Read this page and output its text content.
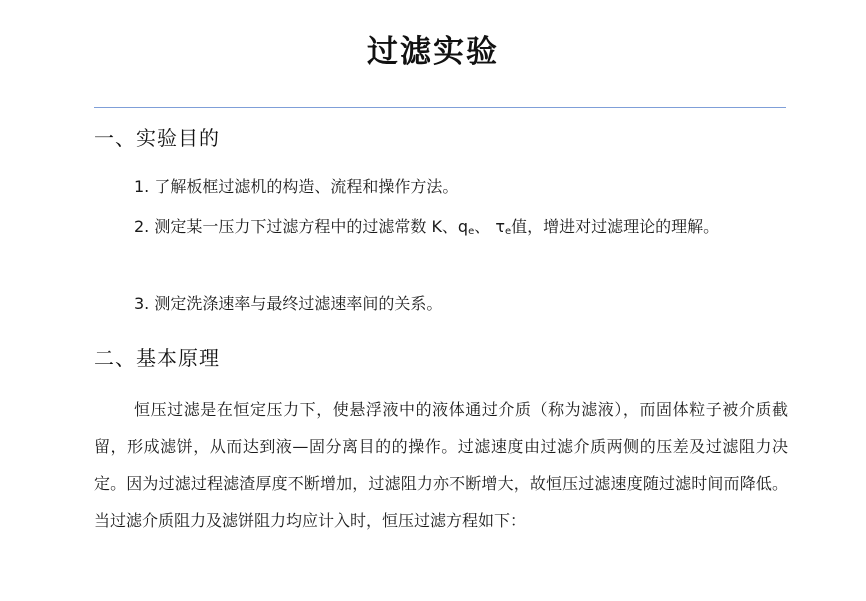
过滤实验
一、实验目的
1. 了解板框过滤机的构造、流程和操作方法。
2. 测定某一压力下过滤方程中的过滤常数 K、$q_e$、 $\tau_e$值，增进对过滤理论的理解。
3. 测定洗涤速率与最终过滤速率间的关系。
二、基本原理
恒压过滤是在恒定压力下，使悬浮液中的液体通过介质（称为滤液），而固体粒子被介质截留，形成滤饼，从而达到液—固分离目的的操作。过滤速度由过滤介质两侧的压差及过滤阻力决定。因为过滤过程滤渣厚度不断增加，过滤阻力亦不断增大，故恒压过滤速度随过滤时间而降低。当过滤介质阻力及滤饼阻力均应计入时，恒压过滤方程如下：
